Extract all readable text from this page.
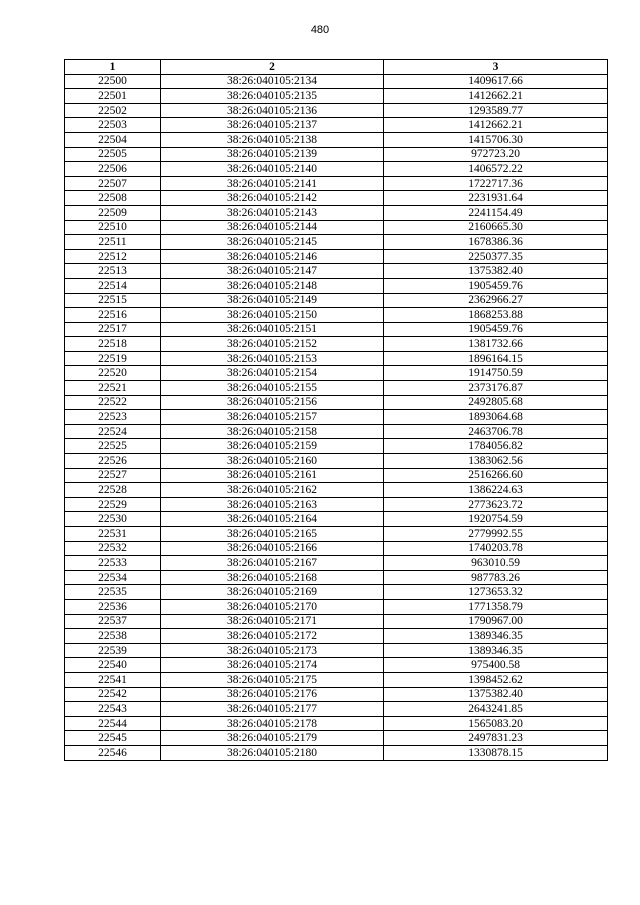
480
1	2	3
22500	38:26:040105:2134	1409617.66
22501	38:26:040105:2135	1412662.21
22502	38:26:040105:2136	1293589.77
22503	38:26:040105:2137	1412662.21
22504	38:26:040105:2138	1415706.30
22505	38:26:040105:2139	972723.20
22506	38:26:040105:2140	1406572.22
22507	38:26:040105:2141	1722717.36
22508	38:26:040105:2142	2231931.64
22509	38:26:040105:2143	2241154.49
22510	38:26:040105:2144	2160665.30
22511	38:26:040105:2145	1678386.36
22512	38:26:040105:2146	2250377.35
22513	38:26:040105:2147	1375382.40
22514	38:26:040105:2148	1905459.76
22515	38:26:040105:2149	2362966.27
22516	38:26:040105:2150	1868253.88
22517	38:26:040105:2151	1905459.76
22518	38:26:040105:2152	1381732.66
22519	38:26:040105:2153	1896164.15
22520	38:26:040105:2154	1914750.59
22521	38:26:040105:2155	2373176.87
22522	38:26:040105:2156	2492805.68
22523	38:26:040105:2157	1893064.68
22524	38:26:040105:2158	2463706.78
22525	38:26:040105:2159	1784056.82
22526	38:26:040105:2160	1383062.56
22527	38:26:040105:2161	2516266.60
22528	38:26:040105:2162	1386224.63
22529	38:26:040105:2163	2773623.72
22530	38:26:040105:2164	1920754.59
22531	38:26:040105:2165	2779992.55
22532	38:26:040105:2166	1740203.78
22533	38:26:040105:2167	963010.59
22534	38:26:040105:2168	987783.26
22535	38:26:040105:2169	1273653.32
22536	38:26:040105:2170	1771358.79
22537	38:26:040105:2171	1790967.00
22538	38:26:040105:2172	1389346.35
22539	38:26:040105:2173	1389346.35
22540	38:26:040105:2174	975400.58
22541	38:26:040105:2175	1398452.62
22542	38:26:040105:2176	1375382.40
22543	38:26:040105:2177	2643241.85
22544	38:26:040105:2178	1565083.20
22545	38:26:040105:2179	2497831.23
22546	38:26:040105:2180	1330878.15
